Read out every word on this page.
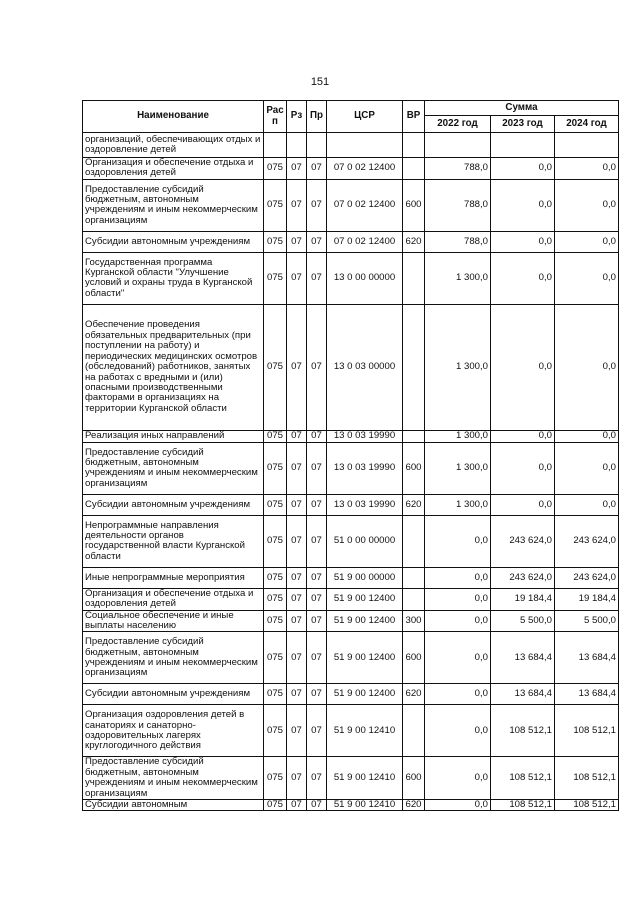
151
Наименование	Рас п	Рз	Пр	ЦСР	ВР	Сумма		
						2022 год	2023 год	2024 год
организаций, обеспечивающих отдых и оздоровление детей								
Организация и обеспечение отдыха и оздоровления детей	075	07	07	07 0 02 12400		788,0	0,0	0,0
Предоставление субсидий бюджетным, автономным учреждениям и иным некоммерческим организациям	075	07	07	07 0 02 12400	600	788,0	0,0	0,0
Субсидии автономным учреждениям	075	07	07	07 0 02 12400	620	788,0	0,0	0,0
Государственная программа Курганской области "Улучшение условий и охраны труда в Курганской области"	075	07	07	13 0 00 00000		1 300,0	0,0	0,0
Обеспечение проведения обязательных предварительных (при поступлении на работу) и периодических медицинских осмотров (обследований) работников, занятых на работах с вредными и (или) опасными производственными факторами в организациях на территории Курганской области	075	07	07	13 0 03 00000		1 300,0	0,0	0,0
Реализация иных направлений	075	07	07	13 0 03 19990		1 300,0	0,0	0,0
Предоставление субсидий бюджетным, автономным учреждениям и иным некоммерческим организациям	075	07	07	13 0 03 19990	600	1 300,0	0,0	0,0
Субсидии автономным учреждениям	075	07	07	13 0 03 19990	620	1 300,0	0,0	0,0
Непрограммные направления деятельности органов государственной власти Курганской области	075	07	07	51 0 00 00000		0,0	243 624,0	243 624,0
Иные непрограммные мероприятия	075	07	07	51 9 00 00000		0,0	243 624,0	243 624,0
Организация и обеспечение отдыха и оздоровления детей	075	07	07	51 9 00 12400		0,0	19 184,4	19 184,4
Социальное обеспечение и иные выплаты населению	075	07	07	51 9 00 12400	300	0,0	5 500,0	5 500,0
Предоставление субсидий бюджетным, автономным учреждениям и иным некоммерческим организациям	075	07	07	51 9 00 12400	600	0,0	13 684,4	13 684,4
Субсидии автономным учреждениям	075	07	07	51 9 00 12400	620	0,0	13 684,4	13 684,4
Организация оздоровления детей в санаториях и санаторно-оздоровительных лагерях круглогодичного действия	075	07	07	51 9 00 12410		0,0	108 512,1	108 512,1
Предоставление субсидий бюджетным, автономным учреждениям и иным некоммерческим организациям	075	07	07	51 9 00 12410	600	0,0	108 512,1	108 512,1
Субсидии автономным	075	07	07	51 9 00 12410	620	0,0	108 512,1	108 512,1
